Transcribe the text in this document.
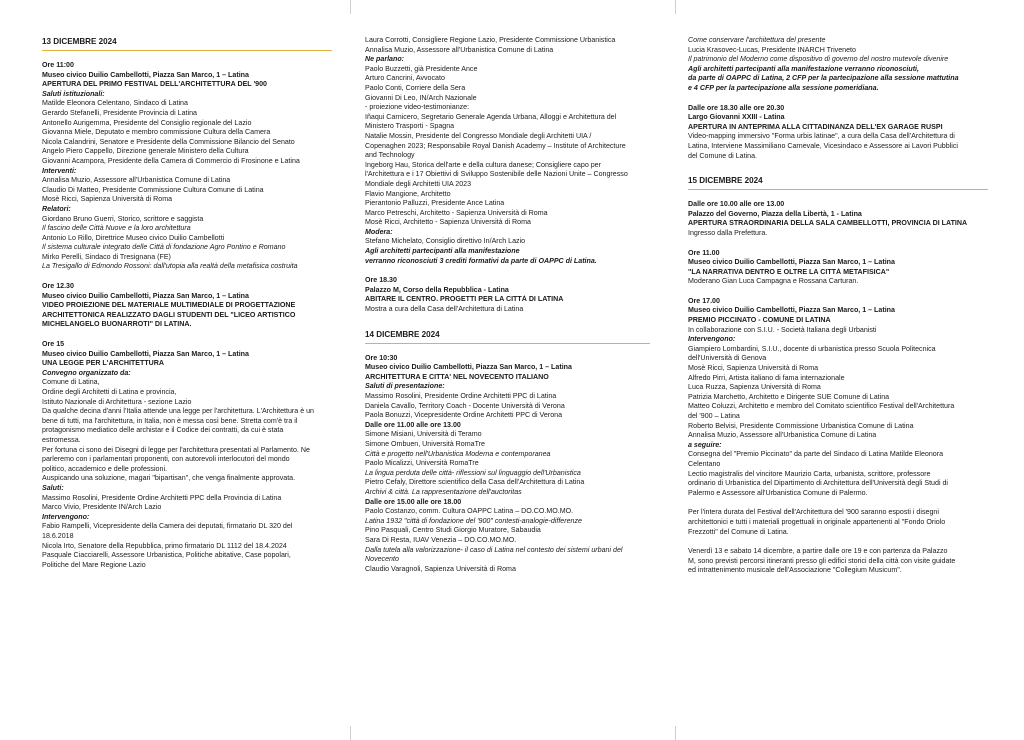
13 DICEMBRE 2024
Ore 11:00
Museo civico Duilio Cambellotti, Piazza San Marco, 1 – Latina
APERTURA DEL PRIMO FESTIVAL DELL'ARCHITETTURA DEL '900
Saluti istituzionali:
Matilde Eleonora Celentano, Sindaco di Latina
Gerardo Stefanelli, Presidente Provincia di Latina
Antonello Aurigemma, Presidente del Consiglio regionale del Lazio
Giovanna Miele, Deputato e membro commissione Cultura della Camera
Nicola Calandrini, Senatore e Presidente della Commissione Bilancio del Senato
Angelo Piero Cappello, Direzione generale Ministero della Cultura
Giovanni Acampora, Presidente della Camera di Commercio di Frosinone e Latina
Interventi:
Annalisa Muzio, Assessore all'Urbanistica Comune di Latina
Claudio Di Matteo, Presidente Commissione Cultura Comune di Latina
Mosè Ricci, Sapienza Università di Roma
Relatori:
Giordano Bruno Guerri, Storico, scrittore e saggista
Il fascino delle Città Nuove e la loro architettura
Antonio Lo Rillo, Direttrice Museo civico Duilio Cambellotti
Il sistema culturale integrato delle Città di fondazione Agro Pontino e Romano
Mirko Perelli, Sindaco di Tresignana (FE)
La Tresigallo di Edmondo Rossoni: dall'utopia alla realtà della metafisica costruita
Ore 12.30
Museo civico Duilio Cambellotti, Piazza San Marco, 1 – Latina
VIDEO PROIEZIONE DEL MATERIALE MULTIMEDIALE DI PROGETTAZIONE
ARCHITETTONICA REALIZZATO DAGLI STUDENTI DEL "LICEO ARTISTICO
MICHELANGELO BUONARROTI" DI LATINA.
Ore 15
Museo civico Duilio Cambellotti, Piazza San Marco, 1 – Latina
UNA LEGGE PER L'ARCHITETTURA
Convegno organizzato da:
Comune di Latina,
Ordine degli Architetti di Latina e provincia,
Istituto Nazionale di Architettura - sezione Lazio
Da qualche decina d'anni l'Italia attende una legge per l'architettura. L'Architettura è un
bene di tutti, ma l'architettura, in Italia, non è messa così bene. Stretta com'è tra il
protagonismo mediatico delle archistar e il Codice dei contratti, da cui è stata
estromessa.
Per fortuna ci sono dei Disegni di legge per l'architettura presentati al Parlamento. Ne
parleremo con i parlamentari proponenti, con autorevoli interlocutori del mondo
politico, accademico e delle professioni.
Auspicando una soluzione, magari "bipartisan", che venga finalmente approvata.
Saluti:
Massimo Rosolini, Presidente Ordine Architetti PPC della Provincia di Latina
Marco Vivio, Presidente IN/Arch Lazio
Intervengono:
Fabio Rampelli, Vicepresidente della Camera dei deputati, firmatario DL 320 del
18.6.2018
Nicola Irto, Senatore della Repubblica, primo firmatario DL 1112 del 18.4.2024
Pasquale Ciacciarelli, Assessore Urbanistica, Politiche abitative, Case popolari,
Politiche del Mare Regione Lazio
Laura Corrotti, Consigliere Regione Lazio, Presidente Commissione Urbanistica
Annalisa Muzio, Assessore all'Urbanistica Comune di Latina
Ne parlano:
Paolo Buzzetti, già Presidente Ance
Arturo Cancrini, Avvocato
Paolo Conti, Corriere della Sera
Giovanni Di Leo, IN/Arch Nazionale
- proiezione video-testimonianze:
Iñaqui Carnicero, Segretario Generale Agenda Urbana, Alloggi e Architettura del
Ministero Trasporti - Spagna
Natalie Mossin, Presidente del Congresso Mondiale degli Architetti UIA /
Copenaghen 2023; Responsabile Royal Danish Academy – Institute of Architecture
and Technology
Ingeborg Hau, Storica dell'arte e della cultura danese; Consigliere capo per
l'Architettura e i 17 Obiettivi di Sviluppo Sostenibile delle Nazioni Unite – Congresso
Mondiale degli Architetti UIA 2023
Flavio Mangione, Architetto
Pierantonio Palluzzi, Presidente Ance Latina
Marco Petreschi, Architetto - Sapienza Università di Roma
Mosè Ricci, Architetto - Sapienza Università di Roma
Modera:
Stefano Michelato, Consiglio direttivo In/Arch Lazio
Agli architetti partecipanti alla manifestazione
verranno riconosciuti 3 crediti formativi da parte di OAPPC di Latina.
Ore 18.30
Palazzo M, Corso della Repubblica - Latina
ABITARE IL CENTRO. PROGETTI PER LA CITTÀ DI LATINA
Mostra a cura della Casa dell'Architettura di Latina
14 DICEMBRE 2024
Ore 10:30
Museo civico Duilio Cambellotti, Piazza San Marco, 1 – Latina
ARCHITETTURA E CITTA' NEL NOVECENTO ITALIANO
Saluti di presentazione:
Massimo Rosolini, Presidente Ordine Architetti PPC di Latina
Daniela Cavallo, Territory Coach - Docente Università di Verona
Paola Bonuzzi, Vicepresidente Ordine Architetti PPC di Verona
Dalle ore 11.00 alle ore 13.00
Simone Misiani, Università di Teramo
Simone Ombuen, Università RomaTre
Città e progetto nell'Urbanistica Moderna e contemporanea
Paolo Micalizzi, Università RomaTre
La lingua perduta delle città- riflessioni sul linguaggio dell'Urbanistica
Pietro Cefaly, Direttore scientifico della Casa dell'Architettura di Latina
Archivi & città. La rappresentazione dell'auctoritas
Dalle ore 15.00 alle ore 18.00
Paolo Costanzo, comm. Cultura OAPPC Latina – DO.CO.MO.MO.
Latina 1932 "città di fondazione del '900" contesti-analogie-differenze
Pino Pasquali, Centro Studi Giorgio Muratore, Sabaudia
Sara Di Resta, IUAV Venezia – DO.CO.MO.MO.
Dalla tutela alla valorizzazione- il caso di Latina nel contesto dei sistemi urbani del
Novecento
Claudio Varagnoli, Sapienza Università di Roma
Come conservare l'architettura del presente
Lucia Krasovec-Lucas, Presidente INARCH Triveneto
Il patrimonio del Moderno come dispositivo di governo del nostro mutevole divenire
Agli architetti partecipanti alla manifestazione verranno riconosciuti,
da parte di OAPPC di Latina, 2 CFP per la partecipazione alla sessione mattutina
e 4 CFP per la partecipazione alla sessione pomeridiana.
Dalle ore 18.30 alle ore 20.30
Largo Giovanni XXIII - Latina
APERTURA IN ANTEPRIMA ALLA CITTADINANZA DELL'EX GARAGE RUSPI
Video-mapping immersivo "Forma urbis latinae", a cura della Casa dell'Architettura di
Latina, Interviene Massimiliano Carnevale, Vicesindaco e Assessore ai Lavori Pubblici
del Comune di Latina.
15 DICEMBRE 2024
Dalle ore 10.00 alle ore 13.00
Palazzo del Governo, Piazza della Libertà, 1 - Latina
APERTURA STRAORDINARIA DELLA SALA CAMBELLOTTI, PROVINCIA DI LATINA
Ingresso dalla Prefettura.
Ore 11.00
Museo civico Duilio Cambellotti, Piazza San Marco, 1 – Latina
"LA NARRATIVA DENTRO E OLTRE LA CITTÀ METAFISICA"
Moderano Gian Luca Campagna e Rossana Carturan.
Ore 17.00
Museo civico Duilio Cambellotti, Piazza San Marco, 1 – Latina
PREMIO PICCINATO - COMUNE DI LATINA
In collaborazione con S.I.U. - Società Italiana degli Urbanisti
Intervengono:
Giampiero Lombardini, S.I.U., docente di urbanistica presso Scuola Politecnica
dell'Università di Genova
Mosè Ricci, Sapienza Università di Roma
Alfredo Pirri, Artista italiano di fama internazionale
Luca Ruzza, Sapienza Università di Roma
Patrizia Marchetto, Architetto e Dirigente SUE Comune di Latina
Matteo Coluzzi, Architetto e membro del Comitato scientifico Festival dell'Architettura
del '900 – Latina
Roberto Belvisi, Presidente Commissione Urbanistica Comune di Latina
Annalisa Muzio, Assessore all'Urbanistica Comune di Latina
a seguire:
Consegna del "Premio Piccinato" da parte del Sindaco di Latina Matilde Eleonora
Celentano
Lectio magistralis del vincitore Maurizio Carta, urbanista, scrittore, professore
ordinario di Urbanistica del Dipartimento di Architettura dell'Università degli Studi di
Palermo e Assessore all'Urbanistica Comune di Palermo.
Per l'intera durata del Festival dell'Architettura del '900 saranno esposti i disegni
architettonici e tutti i materiali progettuali in originale appartenenti al "Fondo Oriolo
Frezzotti" del Comune di Latina.
Venerdì 13 e sabato 14 dicembre, a partire dalle ore 19 e con partenza da Palazzo
M, sono previsti percorsi itineranti presso gli edifici storici della città con visite guidate
ed intrattenimento musicale dell'Associazione "Collegium Musicum".
